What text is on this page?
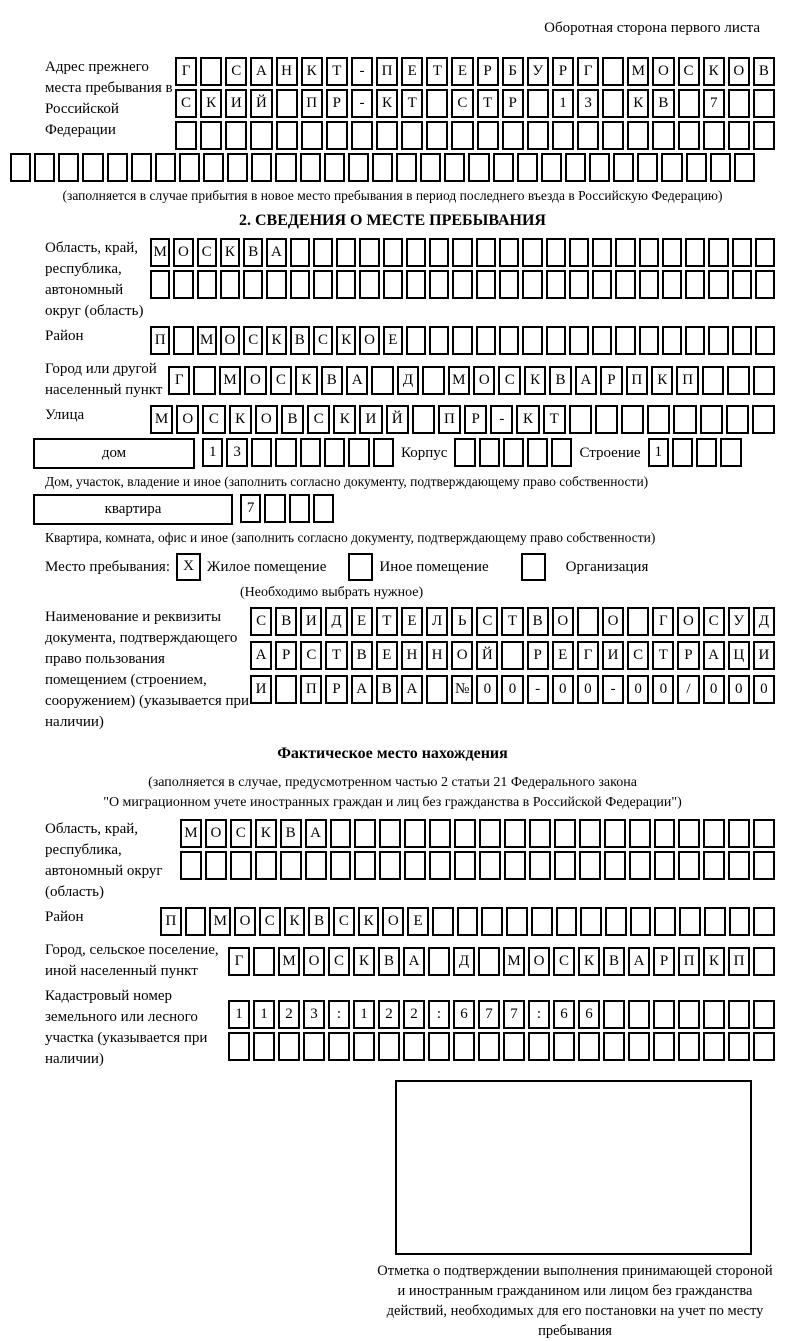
Оборотная сторона первого листа
Адрес прежнего места пребывания в Российской Федерации
Г	С А Н К	Т	-	П	Е	Т	Е	Р	Б	У	Р	Г	М О С	К О В
С	К И Й	П	Р	-	К	Т	С	Т	Р	1	3	К	В	7
(заполняется в случае прибытия в новое место пребывания в период последнего въезда в Российскую Федерацию)
2. СВЕДЕНИЯ О МЕСТЕ ПРЕБЫВАНИЯ
Область, край, республика, автономный округ (область)
М О С К В А
Район	П	М О С К В С К О Е
Город или другой населенный пункт
Г	М О	С	К	В А	Д	М О	С	К	В А	Р	П	К П
Улица	М О	С	К	О	В	С	К	И	Й	П	Р	-	К	Т
дом	1	3	Корпус	Строение 1
Дом, участок, владение и иное (заполнить согласно документу, подтверждающему право собственности)
квартира	7
Квартира, комната, офис и иное (заполнить согласно документу, подтверждающему право собственности)
Место пребывания: X Жилое помещение	Иное помещение	Организация
(Необходимо выбрать нужное)
Наименование и реквизиты документа, подтверждающего право пользования помещением (строением, сооружением) (указывается при наличии)
С	В И Д	Е	Т	Е	Л	Ь	С	Т	В О	О	Г	О С У Д
А	Р	С	Т	В	Е	Н Н О Й	Р	Е	Г	И С	Т	Р	А Ц И
И	П	Р	А В А	№ 0	0	-	0	0	-	0	0	/	0	0	0
Фактическое место нахождения
(заполняется в случае, предусмотренном частью 2 статьи 21 Федерального закона
"О миграционном учете иностранных граждан и лиц без гражданства в Российской Федерации")
Область, край, республика, автономный округ (область)
М О С К В А
Район	П	М О С К В С К О Е
Город, сельское поселение, иной населенный пункт
Г	М О С К В А	Д	М О С К В А	Р	П К П
Кадастровый номер земельного или лесного участка (указывается при наличии)
1	1	2	3	:	1	2	2	:	6	7	7	:	6	6
Отметка о подтверждении выполнения принимающей стороной и иностранным гражданином или лицом без гражданства действий, необходимых для его постановки на учет по месту пребывания
